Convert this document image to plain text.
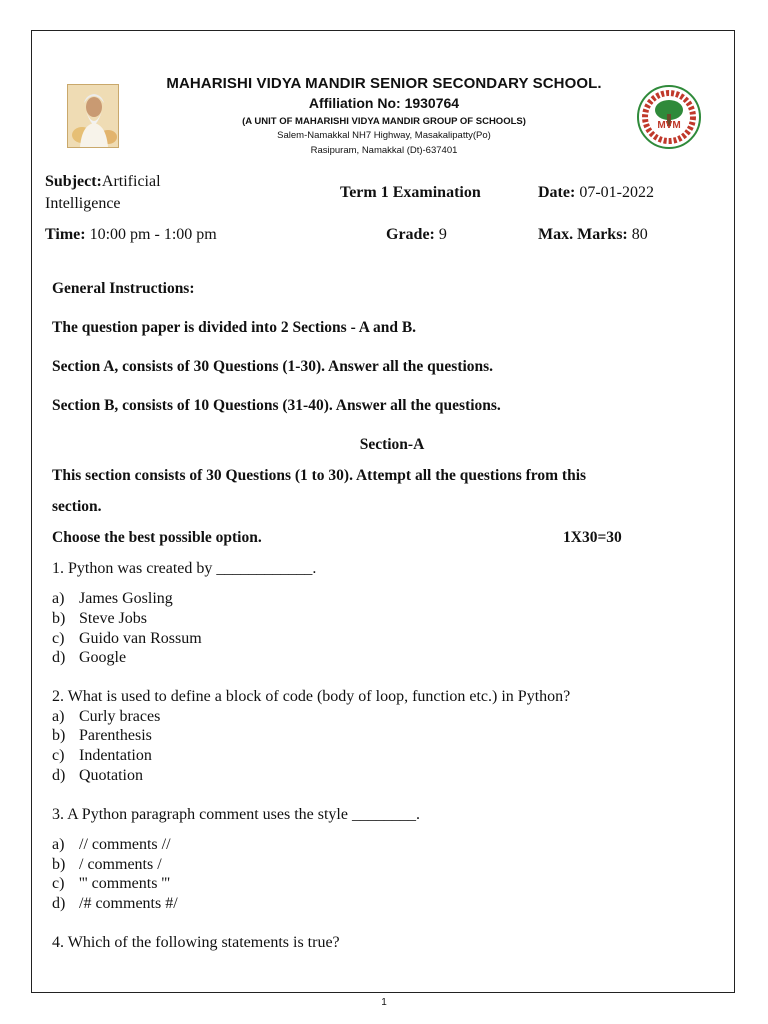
MAHARISHI VIDYA MANDIR SENIOR SECONDARY SCHOOL.
Affiliation No: 1930764
(A UNIT OF MAHARISHI VIDYA MANDIR GROUP OF SCHOOLS)
Salem-Namakkal NH7 Highway, Masakalipatty(Po)
Rasipuram, Namakkal (Dt)-637401
MVM
Subject:Artificial
Intelligence
Term 1 Examination	Date: 07-01-2022
Time: 10:00 pm - 1:00 pm	Grade: 9	Max. Marks: 80
General Instructions:
The question paper is divided into 2 Sections - A and B.
Section A, consists of 30 Questions (1-30). Answer all the questions.
Section B, consists of 10 Questions (31-40). Answer all the questions.
Section-A
This section consists of 30 Questions (1 to 30). Attempt all the questions from this
section.
Choose the best possible option.	1X30=30
1. Python was created by ____________.
a) James Gosling
b) Steve Jobs
c) Guido van Rossum
d) Google
2. What is used to define a block of code (body of loop, function etc.) in Python?
a) Curly braces
b) Parenthesis
c) Indentation
d) Quotation
3. A Python paragraph comment uses the style ________.
a) // comments //
b) / comments /
c) ''' comments '''
d) /# comments #/
4. Which of the following statements is true?
1
